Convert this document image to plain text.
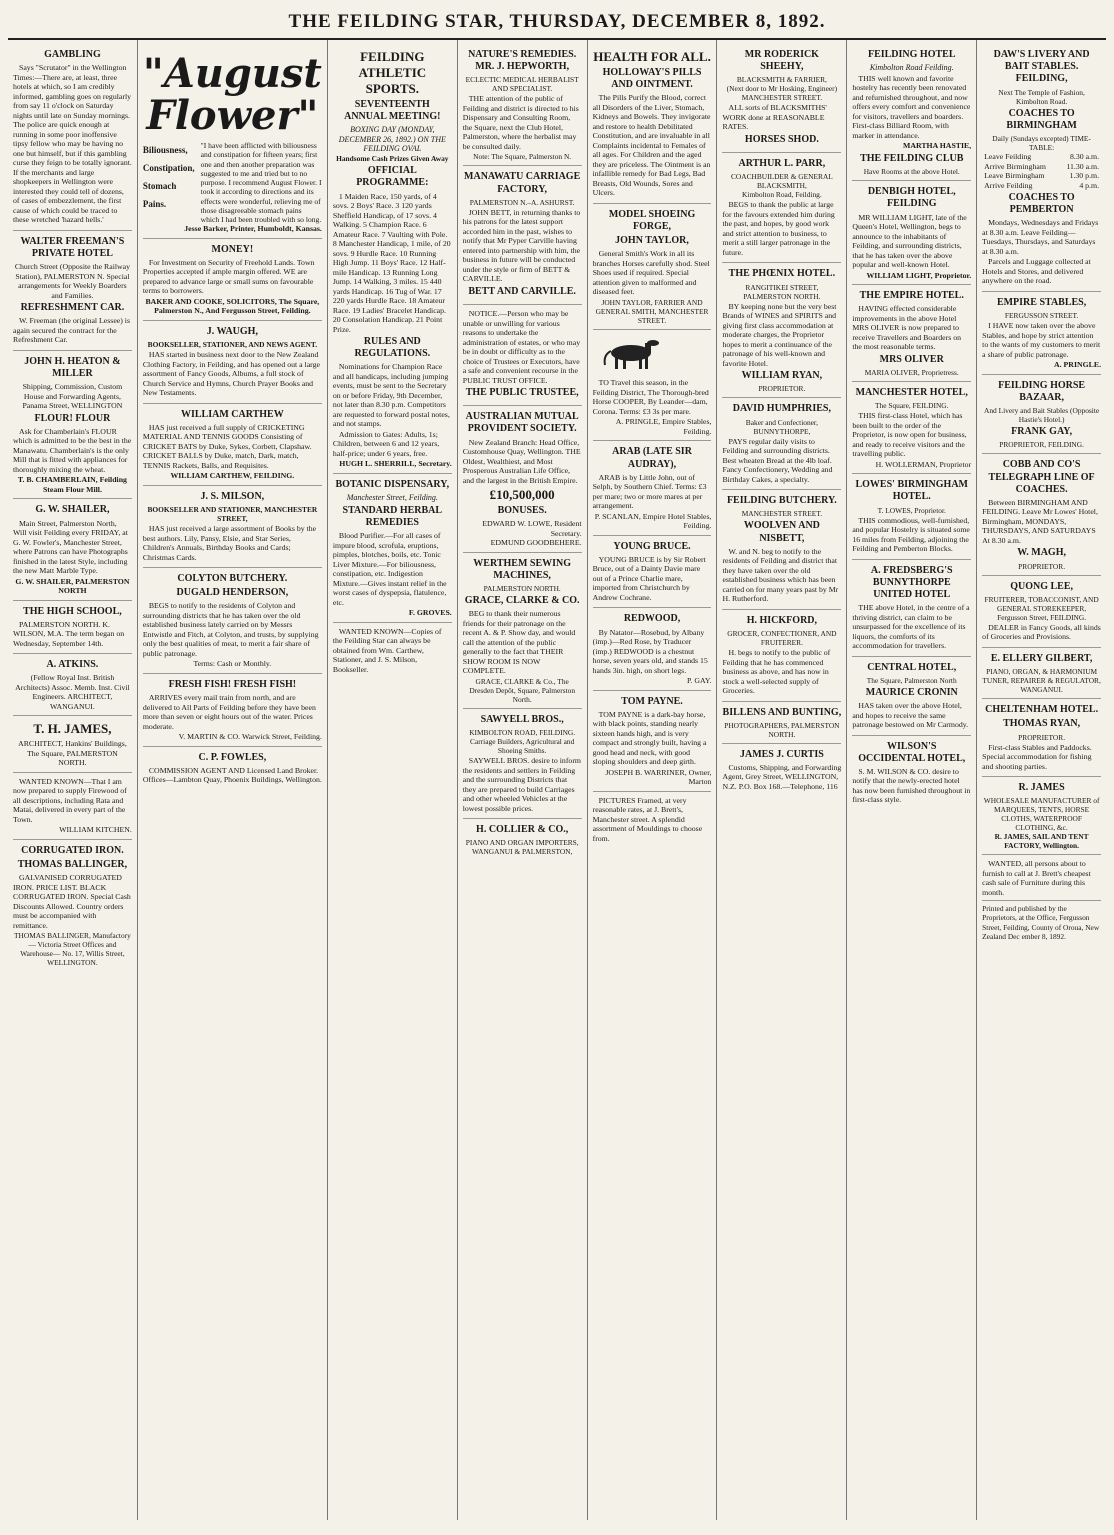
THE FEILDING STAR, THURSDAY, DECEMBER 8, 1892.
GAMBLING

Says "Scrutator" in the Wellington Times:—There are, at least, three hotels at which, so I am credibly informed, gambling goes on regularly from say 11 o'clock on Saturday nights until late on Sunday mornings. The police are quick enough at running in some poor inoffensive tipsy fellow who may be having no one but himself, but if this gambling curse they feign to be totally ignorant. If the merchants and large shopkeepers in Wellington were interested they could tell of dozens, of cases of embezzlement, the first cause of which could be traced to these wretched 'hazard hells.'

WALTER FREEMAN'S PRIVATE HOTEL
Church Street (Opposite the Railway Station), PALMERSTON N. Special arrangements for Weekly Boarders and Families.
REFRESHMENT CAR.

W. Freeman (the original Lessee) is again secured the contract for the Refreshment Car.

JOHN H. HEATON & MILLER
Shipping, Commission, Custom House and Forwarding Agents, Panama Street, WELLINGTON
FLOUR! FLOUR

Ask for Chamberlain's FLOUR which is admitted to be the best in the Manawatu. Chamberlain's is the only Mill that is fitted with appliances for thoroughly mixing the wheat.

T. B. CHAMBERLAIN, Feilding Steam Flour Mill.
G. W. SHAILER,

Main Street, Palmerston North, Will visit Feilding every FRIDAY, at G. W. Fowler's, Manchester Street, where Patrons can have Photographs finished in the latest Style, including the new Matt Marble Type.

G. W. SHAILER, PALMERSTON NORTH
THE HIGH SCHOOL,

PALMERSTON NORTH. K. WILSON, M.A. The term began on Wednesday, September 14th.

A. ATKINS.
(Fellow Royal Inst. British Architects) Assoc. Memb. Inst. Civil Engineers. ARCHITECT, WANGANUI.
T. H. JAMES,
ARCHITECT, Hankins' Buildings, The Square, PALMERSTON NORTH.

WANTED KNOWN—That I am now prepared to supply Firewood of all descriptions, including Rata and Matai, delivered in every part of the Town.

WILLIAM KITCHEN.
CORRUGATED IRON.
THOMAS BALLINGER,

GALVANISED CORRUGATED IRON. PRICE LIST. BLACK CORRUGATED IRON. Special Cash Discounts Allowed. Country orders must be accompanied with remittance.

THOMAS BALLINGER, Manufactory — Victoria Street Offices and Warehouse— No. 17, Willis Street, WELLINGTON.
"August
Flower"
Biliousness,
Constipation,
Stomach
Pains.
"I have been afflicted with biliousness and constipation for fifteen years; first one and then another preparation was suggested to me and tried but to no purpose. I recommend August Flower. I took it according to directions and its effects were wonderful, relieving me of those disagreeable stomach pains which I had been troubled with so long.
Jesse Barker, Printer, Humboldt, Kansas.
MONEY!

For Investment on Security of Freehold Lands. Town Properties accepted if ample margin offered. WE are prepared to advance large or small sums on favourable terms to borrowers.

BAKER AND COOKE, SOLICITORS, The Square, Palmerston N., And Fergusson Street, Feilding.
J. WAUGH,
BOOKSELLER, STATIONER, AND NEWS AGENT.

HAS started in business next door to the New Zealand Clothing Factory, in Feilding, and has opened out a large assortment of Fancy Goods, Albums, a full stock of Church Service and Hymns, Church Prayer Books and New Testaments.

WILLIAM CARTHEW

HAS just received a full supply of CRICKETING MATERIAL AND TENNIS GOODS Consisting of CRICKET BATS by Duke, Sykes, Corbett, Clapshaw. CRICKET BALLS by Duke, match, Dark, match, TENNIS Rackets, Balls, and Requisites.

WILLIAM CARTHEW, FEILDING.
J. S. MILSON,
BOOKSELLER AND STATIONER, MANCHESTER STREET,

HAS just received a large assortment of Books by the best authors. Lily, Pansy, Elsie, and Star Series, Children's Annuals, Birthday Books and Cards; Christmas Cards.

COLYTON BUTCHERY.
DUGALD HENDERSON,

BEGS to notify to the residents of Colyton and surrounding districts that he has taken over the old established business lately carried on by Messrs Entwistle and Fitch, at Colyton, and trusts, by supplying only the best qualities of meat, to merit a fair share of public patronage.

Terms: Cash or Monthly.
FRESH FISH! FRESH FISH!

ARRIVES every mail train from north, and are delivered to All Parts of Feilding before they have been more than seven or eight hours out of the water. Prices moderate.

V. MARTIN & CO. Warwick Street, Feilding.
C. P. FOWLES,

COMMISSION AGENT AND Licensed Land Broker. Offices—Lambton Quay, Phoenix Buildings, Wellington.

FEILDING ATHLETIC SPORTS.
SEVENTEENTH ANNUAL MEETING!
BOXING DAY (MONDAY, DECEMBER 26, 1892.) ON THE FEILDING OVAL
Handsome Cash Prizes Given Away
OFFICIAL PROGRAMME:

1 Maiden Race, 150 yards, of 4 sovs. 2 Boys' Race. 3 120 yards Sheffield Handicap, of 17 sovs. 4 Walking. 5 Champion Race. 6 Amateur Race. 7 Vaulting with Pole. 8 Manchester Handicap, 1 mile, of 20 sovs. 9 Hurdle Race. 10 Running High Jump. 11 Boys' Race. 12 Half-mile Handicap. 13 Running Long Jump. 14 Walking, 3 miles. 15 440 yards Handicap. 16 Tug of War. 17 220 yards Hurdle Race. 18 Amateur Race. 19 Ladies' Bracelet Handicap. 20 Consolation Handicap. 21 Point Prize.

RULES AND REGULATIONS.

Nominations for Champion Race and all handicaps, including jumping events, must be sent to the Secretary on or before Friday, 9th December, not later than 8.30 p.m. Competitors are requested to forward postal notes, and not stamps.

Admission to Gates: Adults, 1s; Children, between 6 and 12 years, half-price; under 6 years, free.

HUGH L. SHERRILL, Secretary.
BOTANIC DISPENSARY,
Manchester Street, Feilding.
STANDARD HERBAL REMEDIES

Blood Purifier.—For all cases of impure blood, scrofula, eruptions, pimples, blotches, boils, etc. Tonic Liver Mixture.—For biliousness, constipation, etc. Indigestion Mixture.—Gives instant relief in the worst cases of dyspepsia, flatulence, etc.

F. GROVES.

WANTED KNOWN—Copies of the Feilding Star can always be obtained from Wm. Carthew, Stationer, and J. S. Milson, Bookseller.

NATURE'S REMEDIES. MR. J. HEPWORTH,
ECLECTIC MEDICAL HERBALIST AND SPECIALIST.

THE attention of the public of Feilding and district is directed to his Dispensary and Consulting Room, the Square, next the Club Hotel, Palmerston, where the herbalist may be consulted daily.

Note: The Square, Palmerston N.
MANAWATU CARRIAGE FACTORY,
PALMERSTON N.–A. ASHURST.

JOHN BETT, in returning thanks to his patrons for the latest support accorded him in the past, wishes to notify that Mr Pyper Carville having entered into partnership with him, the business in future will be conducted under the style or firm of BETT & CARVILLE.

BETT AND CARVILLE.

NOTICE.—Person who may be unable or unwilling for various reasons to undertake the administration of estates, or who may be in doubt or difficulty as to the choice of Trustees or Executors, have a safe and convenient recourse in the PUBLIC TRUST OFFICE.

THE PUBLIC TRUSTEE,
AUSTRALIAN MUTUAL PROVIDENT SOCIETY.

New Zealand Branch: Head Office, Customhouse Quay, Wellington. THE Oldest, Wealthiest, and Most Prosperous Australian Life Office, and the largest in the British Empire.

£10,500,000
BONUSES.
EDWARD W. LOWE, Resident Secretary.
EDMUND GOODBEHERE.
WERTHEM SEWING MACHINES,
PALMERSTON NORTH.
GRACE, CLARKE & CO.

BEG to thank their numerous friends for their patronage on the recent A. & P. Show day, and would call the attention of the public generally to the fact that THEIR SHOW ROOM IS NOW COMPLETE.

GRACE, CLARKE & Co., The Dresden Depôt, Square, Palmerston North.
SAWYELL BROS.,
KIMBOLTON ROAD, FEILDING. Carriage Builders, Agricultural and Shoeing Smiths.

SAYWELL BROS. desire to inform the residents and settlers in Feilding and the surrounding Districts that they are prepared to build Carriages and other wheeled Vehicles at the lowest possible prices.

H. COLLIER & CO.,
PIANO AND ORGAN IMPORTERS, WANGANUI & PALMERSTON,
HEALTH FOR ALL.
HOLLOWAY'S PILLS AND OINTMENT.

The Pills Purify the Blood, correct all Disorders of the Liver, Stomach, Kidneys and Bowels. They invigorate and restore to health Debilitated Constitution, and are invaluable in all Complaints incidental to Females of all ages. For Children and the aged they are priceless. The Ointment is an infallible remedy for Bad Legs, Bad Breasts, Old Wounds, Sores and Ulcers.

MODEL SHOEING FORGE,
JOHN TAYLOR,

General Smith's Work in all its branches Horses carefully shod. Steel Shoes used if required. Special attention given to malformed and diseased feet.

JOHN TAYLOR, FARRIER AND GENERAL SMITH, MANCHESTER STREET.

TO Travel this season, in the Feilding District, The Thorough-bred Horse COOPER, By Leander—dam, Corona. Terms: £3 3s per mare.

A. PRINGLE, Empire Stables, Feilding.
ARAB (LATE SIR AUDRAY),

ARAB is by Little John, out of Selph, by Southern Chief. Terms: £3 per mare; two or more mares at per arrangement.

P. SCANLAN, Empire Hotel Stables, Feilding.
YOUNG BRUCE.

YOUNG BRUCE is by Sir Robert Bruce, out of a Dainty Davie mare out of a Prince Charlie mare, imported from Christchurch by Andrew Cochrane.

REDWOOD,

By Natator—Rosebud, by Albany (imp.)—Red Rose, by Traducer (imp.) REDWOOD is a chestnut horse, seven years old, and stands 15 hands 3in. high, on short legs.

P. GAY.
TOM PAYNE.

TOM PAYNE is a dark-bay horse, with black points, standing nearly sixteen hands high, and is very compact and strongly built, having a good head and neck, with good sloping shoulders and deep girth.

JOSEPH B. WARRINER, Owner, Marton

PICTURES Framed, at very reasonable rates, at J. Brett's, Manchester street. A splendid assortment of Mouldings to choose from.

MR RODERICK SHEEHY,
BLACKSMITH & FARRIER,
(Next door to Mr Hosking, Engineer) MANCHESTER STREET.

ALL sorts of BLACKSMITHS' WORK done at REASONABLE RATES.

HORSES SHOD.
ARTHUR L. PARR,
COACHBUILDER & GENERAL BLACKSMITH,
Kimbolton Road, Feilding.

BEGS to thank the public at large for the favours extended him during the past, and hopes, by good work and strict attention to business, to merit a still larger patronage in the future.

THE PHŒNIX HOTEL.
RANGITIKEI STREET, PALMERSTON NORTH.

BY keeping none but the very best Brands of WINES and SPIRITS and giving first class accommodation at moderate charges, the Proprietor hopes to merit a continuance of the patronage of his well-known and favorite Hotel.

WILLIAM RYAN,
PROPRIETOR.
DAVID HUMPHRIES,
Baker and Confectioner, BUNNYTHORPE,

PAYS regular daily visits to Feilding and surrounding districts. Best wheaten Bread at the 4lb loaf. Fancy Confectionery, Wedding and Birthday Cakes, a specialty.

FEILDING BUTCHERY.
MANCHESTER STREET.
WOOLVEN AND NISBETT,

W. and N. beg to notify to the residents of Feilding and district that they have taken over the old established business which has been carried on for many years past by Mr H. Rutherford.

H. HICKFORD,
GROCER, CONFECTIONER, AND FRUITERER.

H. begs to notify to the public of Feilding that he has commenced business as above, and has now in stock a well-selected supply of Groceries.

BILLENS AND BUNTING,
PHOTOGRAPHERS, PALMERSTON NORTH.
JAMES J. CURTIS

Customs, Shipping, and Forwarding Agent, Grey Street, WELLINGTON, N.Z. P.O. Box 168.—Telephone, 116

FEILDING HOTEL
Kimbolton Road Feilding.

THIS well known and favorite hostelry has recently been renovated and refurnished throughout, and now offers every comfort and convenience for visitors, travellers and boarders. First-class Billiard Room, with marker in attendance.

MARTHA HASTIE,
THE FEILDING CLUB
Have Rooms at the above Hotel.
DENBIGH HOTEL, FEILDING

MR WILLIAM LIGHT, late of the Queen's Hotel, Wellington, begs to announce to the inhabitants of Feilding, and surrounding districts, that he has taken over the above popular and well-known Hotel.

WILLIAM LIGHT, Proprietor.
THE EMPIRE HOTEL.

HAVING effected considerable improvements in the above Hotel MRS OLIVER is now prepared to receive Travellers and Boarders on the most reasonable terms.

MRS OLIVER
MARIA OLIVER, Proprietress.
MANCHESTER HOTEL,
The Square, FEILDING.

THIS first-class Hotel, which has been built to the order of the Proprietor, is now open for business, and ready to receive visitors and the travelling public.

H. WOLLERMAN, Proprietor
LOWES' BIRMINGHAM HOTEL.
T. LOWES, Proprietor.

THIS commodious, well-furnished, and popular Hostelry is situated some 16 miles from Feilding, adjoining the Feilding and Pemberton Blocks.

A. FREDSBERG'S BUNNYTHORPE UNITED HOTEL

THE above Hotel, in the centre of a thriving district, can claim to be unsurpassed for the excellence of its liquors, the comforts of its accommodation for travellers.

CENTRAL HOTEL,
The Square, Palmerston North
MAURICE CRONIN

HAS taken over the above Hotel, and hopes to receive the same patronage bestowed on Mr Carmody.

WILSON'S OCCIDENTAL HOTEL,

S. M. WILSON & CO. desire to notify that the newly-erected hotel has now been furnished throughout in first-class style.

DAW'S LIVERY AND BAIT STABLES. FEILDING,
Next The Temple of Fashion, Kimbolton Road.
COACHES TO BIRMINGHAM
Daily (Sundays excepted) TIME-TABLE:
Leave Feilding	8.30 a.m.
Arrive Birmingham	11.30 a.m.
Leave Birmingham	1.30 p.m.
Arrive Feilding	4 p.m.
COACHES TO PEMBERTON

Mondays, Wednesdays and Fridays at 8.30 a.m. Leave Feilding—Tuesdays, Thursdays, and Saturdays at 8.30 a.m.

Parcels and Luggage collected at Hotels and Stores, and delivered anywhere on the road.

EMPIRE STABLES,
FERGUSSON STREET.

I HAVE now taken over the above Stables, and hope by strict attention to the wants of my customers to merit a share of public patronage.

A. PRINGLE.
FEILDING HORSE BAZAAR,
And Livery and Bait Stables (Opposite Hastie's Hotel.)
FRANK GAY,
PROPRIETOR, FEILDING.
COBB AND CO'S TELEGRAPH LINE OF COACHES.

Between BIRMINGHAM AND FEILDING. Leave Mr Lowes' Hotel, Birmingham, MONDAYS, THURSDAYS, AND SATURDAYS At 8.30 a.m.

W. MAGH,
PROPRIETOR.
QUONG LEE,
FRUITERER, TOBACCONIST, AND GENERAL STOREKEEPER,
Fergusson Street, FEILDING.

DEALER in Fancy Goods, all kinds of Groceries and Provisions.

E. ELLERY GILBERT,
PIANO, ORGAN, & HARMONIUM TUNER, REPAIRER & REGULATOR, WANGANUI.
CHELTENHAM HOTEL.
THOMAS RYAN,
PROPRIETOR.

First-class Stables and Paddocks. Special accommodation for fishing and shooting parties.

R. JAMES
WHOLESALE MANUFACTURER of MARQUEES, TENTS, HORSE CLOTHS, WATERPROOF CLOTHING, &c.
R. JAMES, SAIL AND TENT FACTORY, Wellington.

WANTED, all persons about to furnish to call at J. Brett's cheapest cash sale of Furniture during this month.

Printed and published by the Proprietors, at the Office, Fergusson Street, Feilding, County of Oroua, New Zealand Dec ember 8, 1892.
